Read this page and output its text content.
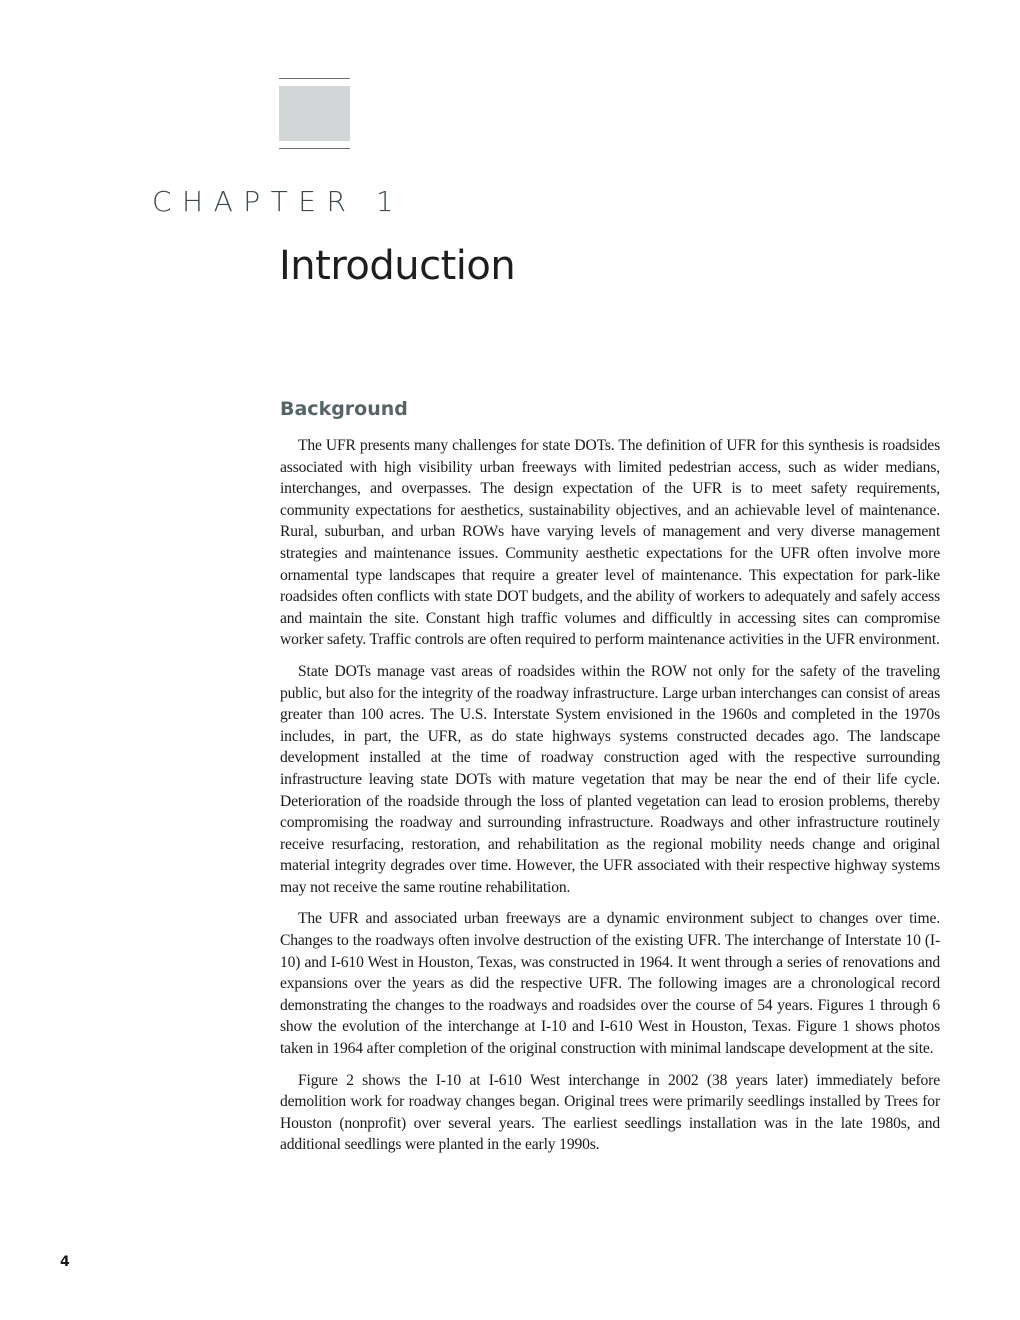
CHAPTER 1
Introduction
Background

The UFR presents many challenges for state DOTs. The definition of UFR for this synthesis is roadsides associated with high visibility urban freeways with limited pedestrian access, such as wider medians, interchanges, and overpasses. The design expectation of the UFR is to meet safety requirements, community expectations for aesthetics, sustainability objectives, and an achievable level of maintenance. Rural, suburban, and urban ROWs have varying levels of management and very diverse management strategies and maintenance issues. Community aesthetic expectations for the UFR often involve more ornamental type landscapes that require a greater level of maintenance. This expectation for park-like roadsides often conflicts with state DOT budgets, and the ability of workers to adequately and safely access and maintain the site. Constant high traffic volumes and difficultly in accessing sites can compromise worker safety. Traffic controls are often required to perform maintenance activities in the UFR environment.

State DOTs manage vast areas of roadsides within the ROW not only for the safety of the traveling public, but also for the integrity of the roadway infrastructure. Large urban interchanges can consist of areas greater than 100 acres. The U.S. Interstate System envisioned in the 1960s and completed in the 1970s includes, in part, the UFR, as do state highways systems constructed decades ago. The landscape development installed at the time of roadway construction aged with the respective surrounding infrastructure leaving state DOTs with mature vegetation that may be near the end of their life cycle. Deterioration of the roadside through the loss of planted vegetation can lead to erosion problems, thereby compromising the roadway and surrounding infrastructure. Roadways and other infrastructure routinely receive resurfacing, restoration, and rehabilitation as the regional mobility needs change and original material integrity degrades over time. However, the UFR associated with their respective highway systems may not receive the same routine rehabilitation.

The UFR and associated urban freeways are a dynamic environment subject to changes over time. Changes to the roadways often involve destruction of the existing UFR. The interchange of Interstate 10 (I-10) and I-610 West in Houston, Texas, was constructed in 1964. It went through a series of renovations and expansions over the years as did the respective UFR. The following images are a chronological record demonstrating the changes to the roadways and roadsides over the course of 54 years. Figures 1 through 6 show the evolution of the interchange at I-10 and I-610 West in Houston, Texas. Figure 1 shows photos taken in 1964 after completion of the original construction with minimal landscape development at the site.

Figure 2 shows the I-10 at I-610 West interchange in 2002 (38 years later) immediately before demolition work for roadway changes began. Original trees were primarily seedlings installed by Trees for Houston (nonprofit) over several years. The earliest seedlings installation was in the late 1980s, and additional seedlings were planted in the early 1990s.

4
